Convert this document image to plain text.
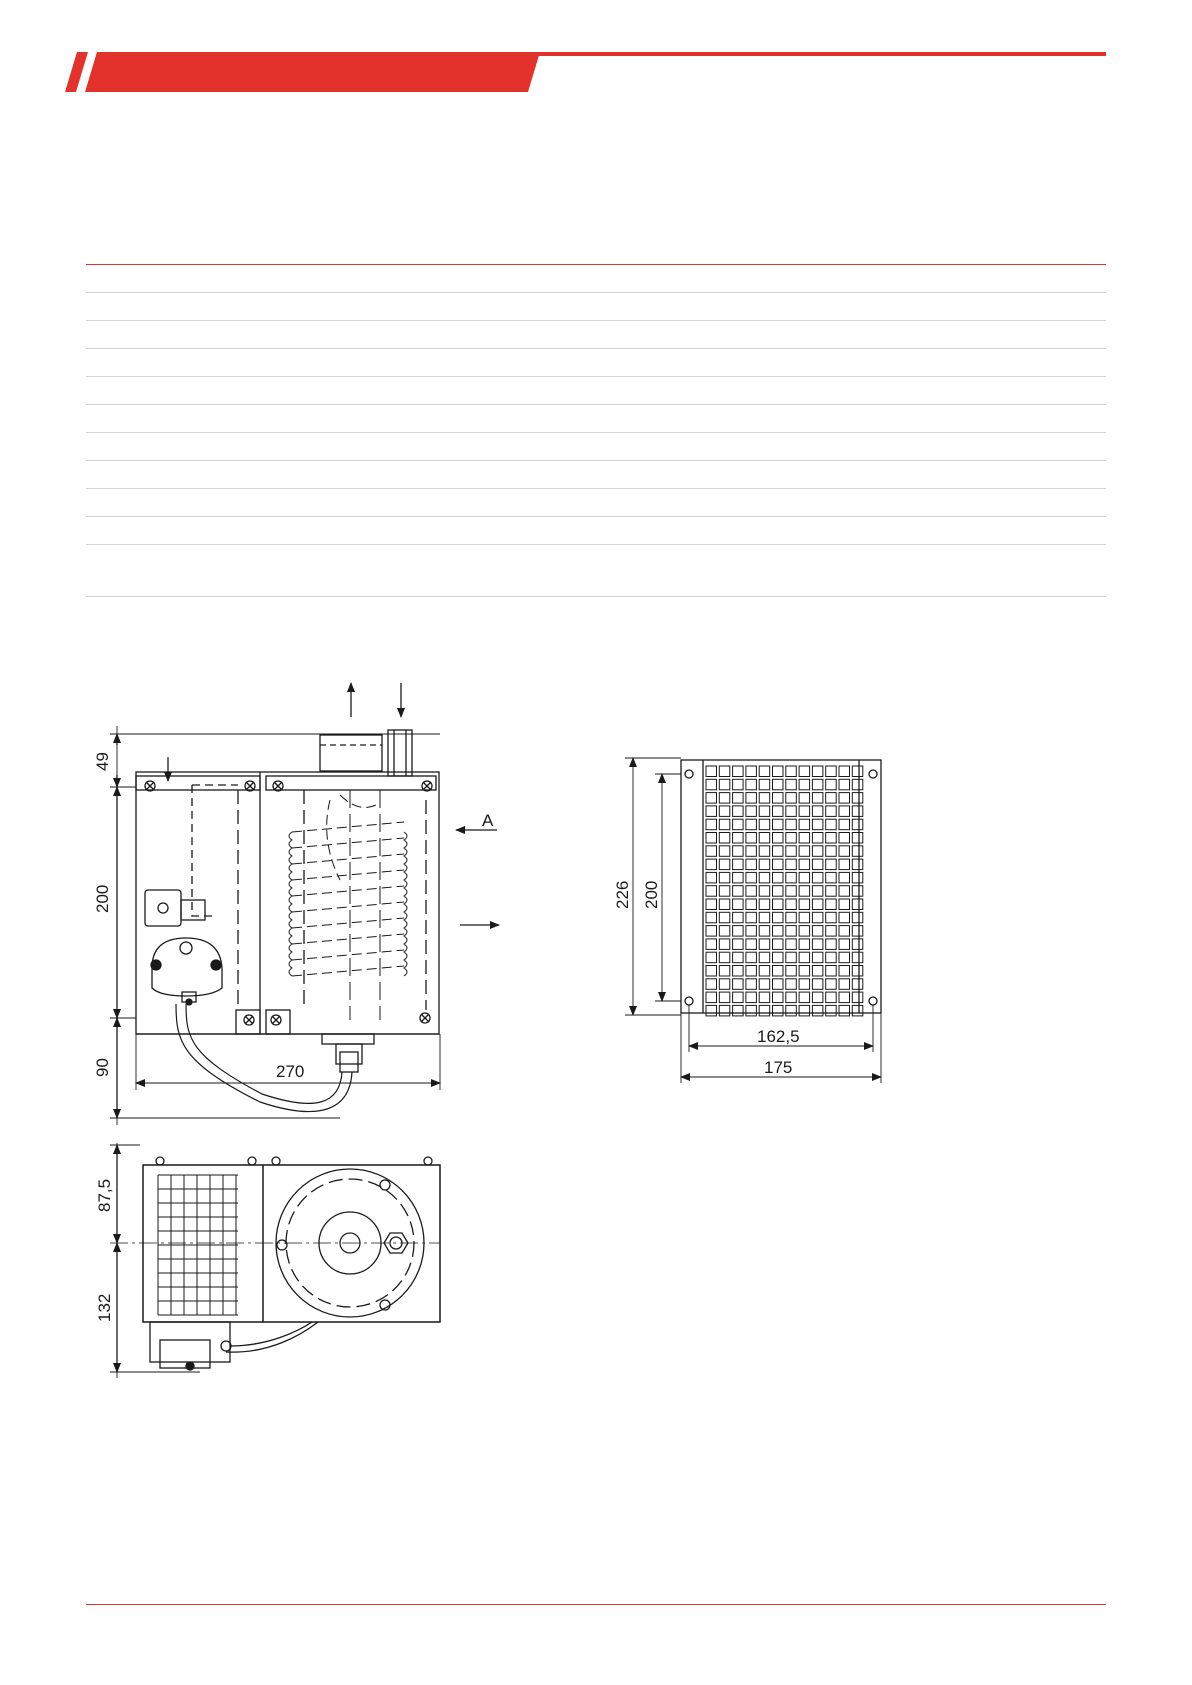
49
200
90	270
A
87,5
132
226 200
162,5
175
